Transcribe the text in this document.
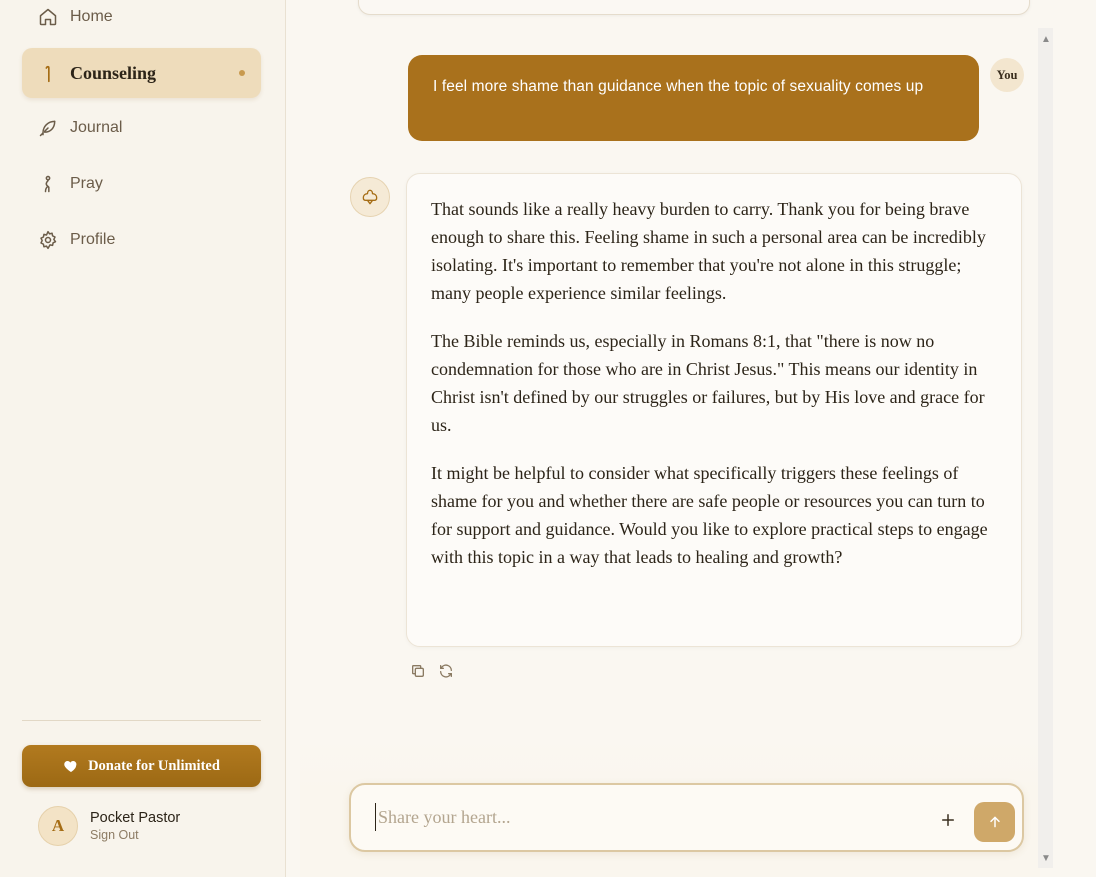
Home
Counseling
Journal
Pray
Profile
Donate for Unlimited
A	Pocket Pastor
Sign Out
I feel more shame than guidance when the topic of sexuality comes up
You

That sounds like a really heavy burden to carry. Thank you for being brave enough to share this. Feeling shame in such a personal area can be incredibly isolating. It's important to remember that you're not alone in this struggle; many people experience similar feelings.

The Bible reminds us, especially in Romans 8:1, that "there is now no condemnation for those who are in Christ Jesus." This means our identity in Christ isn't defined by our struggles or failures, but by His love and grace for us.

It might be helpful to consider what specifically triggers these feelings of shame for you and whether there are safe people or resources you can turn to for support and guidance. Would you like to explore practical steps to engage with this topic in a way that leads to healing and growth?

Share your heart...
▲
▼
